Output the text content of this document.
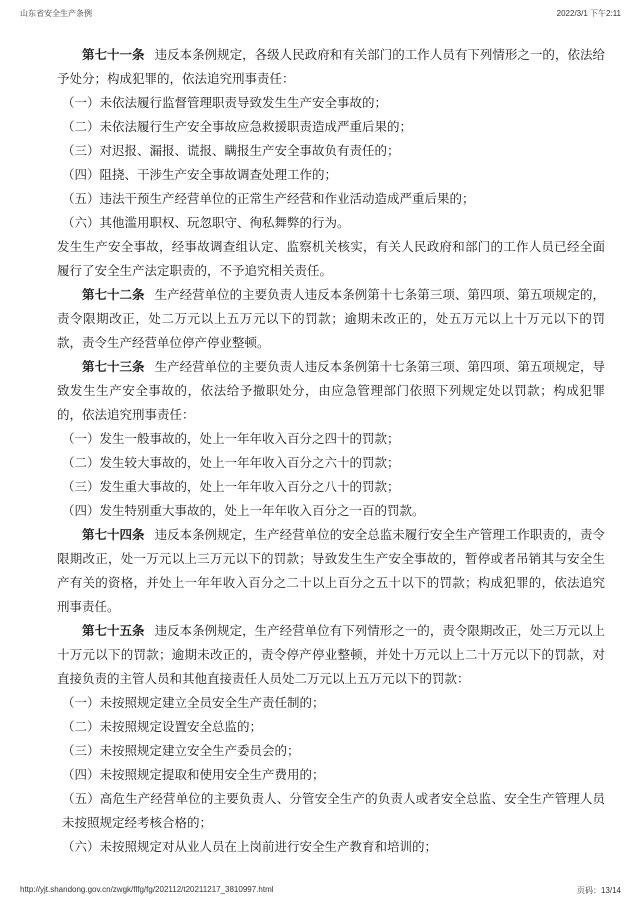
山东省安全生产条例	2022/3/1 下午2:11

第七十一条 违反本条例规定，各级人民政府和有关部门的工作人员有下列情形之一的，依法给予处分；构成犯罪的，依法追究刑事责任：

（一）未依法履行监督管理职责导致发生生产安全事故的；

（二）未依法履行生产安全事故应急救援职责造成严重后果的；

（三）对迟报、漏报、谎报、瞒报生产安全事故负有责任的；

（四）阻挠、干涉生产安全事故调查处理工作的；

（五）违法干预生产经营单位的正常生产经营和作业活动造成严重后果的；

（六）其他滥用职权、玩忽职守、徇私舞弊的行为。

发生生产安全事故，经事故调查组认定、监察机关核实，有关人民政府和部门的工作人员已经全面履行了安全生产法定职责的，不予追究相关责任。

第七十二条 生产经营单位的主要负责人违反本条例第十七条第三项、第四项、第五项规定的，责令限期改正，处二万元以上五万元以下的罚款；逾期未改正的，处五万元以上十万元以下的罚款，责令生产经营单位停产停业整顿。

第七十三条 生产经营单位的主要负责人违反本条例第十七条第三项、第四项、第五项规定，导致发生生产安全事故的，依法给予撤职处分，由应急管理部门依照下列规定处以罚款；构成犯罪的，依法追究刑事责任：

（一）发生一般事故的，处上一年年收入百分之四十的罚款；

（二）发生较大事故的，处上一年年收入百分之六十的罚款；

（三）发生重大事故的，处上一年年收入百分之八十的罚款；

（四）发生特别重大事故的，处上一年年收入百分之一百的罚款。

第七十四条 违反本条例规定，生产经营单位的安全总监未履行安全生产管理工作职责的，责令限期改正，处一万元以上三万元以下的罚款；导致发生生产安全事故的，暂停或者吊销其与安全生产有关的资格，并处上一年年收入百分之二十以上百分之五十以下的罚款；构成犯罪的，依法追究刑事责任。

第七十五条 违反本条例规定，生产经营单位有下列情形之一的，责令限期改正，处三万元以上十万元以下的罚款；逾期未改正的，责令停产停业整顿，并处十万元以上二十万元以下的罚款，对直接负责的主管人员和其他直接责任人员处二万元以上五万元以下的罚款：

（一）未按照规定建立全员安全生产责任制的；

（二）未按照规定设置安全总监的；

（三）未按照规定建立安全生产委员会的；

（四）未按照规定提取和使用安全生产费用的；

（五）高危生产经营单位的主要负责人、分管安全生产的负责人或者安全总监、安全生产管理人员未按照规定经考核合格的；

（六）未按照规定对从业人员在上岗前进行安全生产教育和培训的；

http://yjt.shandong.gov.cn/zwgk/flfg/fg/202112/t20211217_3810997.html	页码：13/14
